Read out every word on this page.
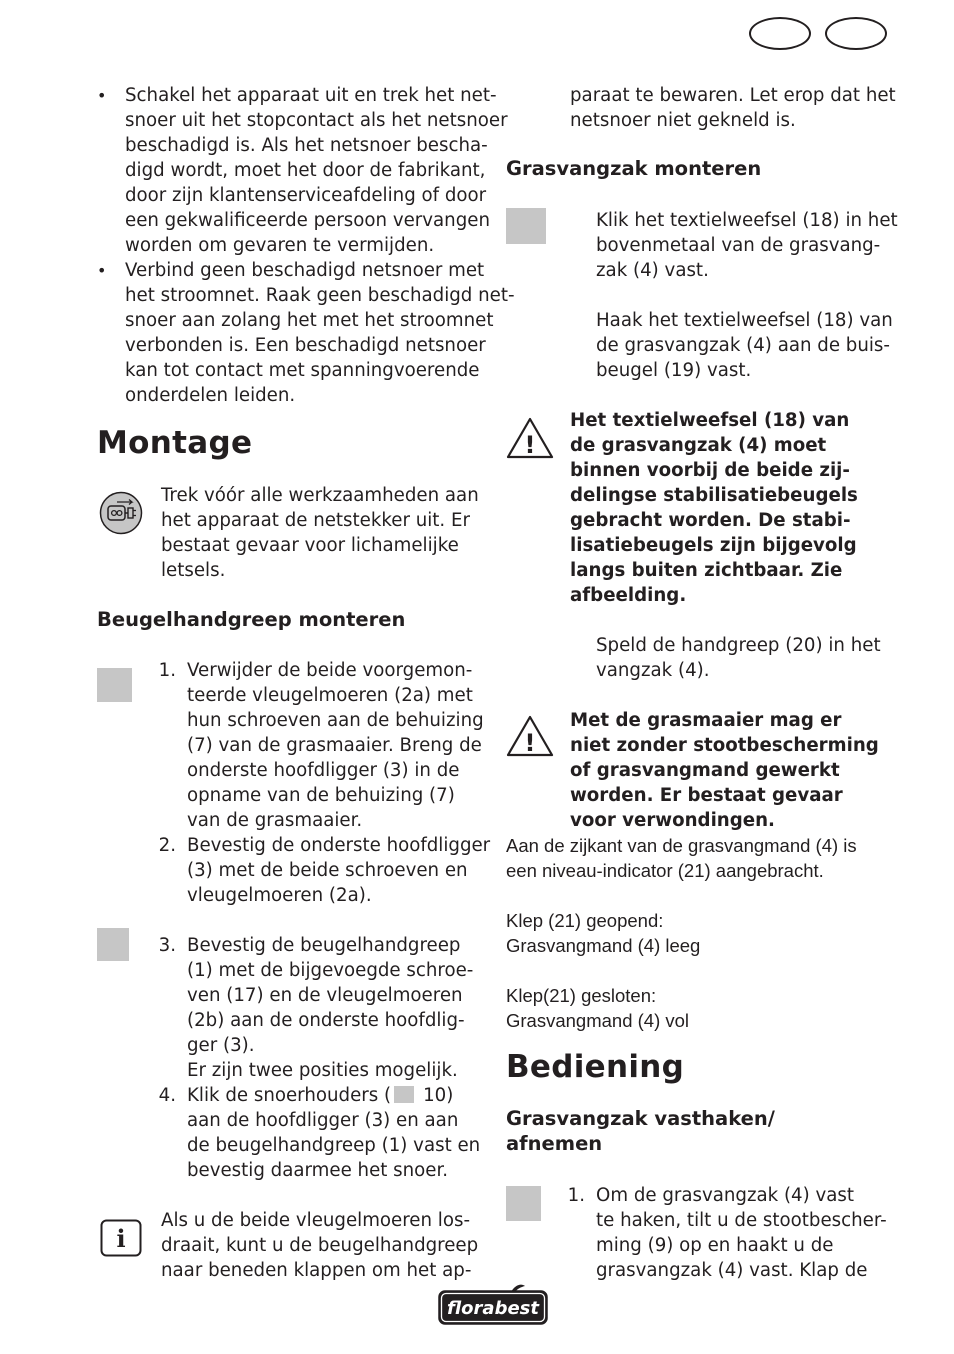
• Schakel het apparaat uit en trek het net-
snoer uit het stopcontact als het netsnoer
beschadigd is. Als het netsnoer bescha-
digd wordt, moet het door de fabrikant,
door zijn klantenserviceafdeling of door
een gekwalificeerde persoon vervangen
worden om gevaren te vermijden.
• Verbind geen beschadigd netsnoer met
het stroomnet. Raak geen beschadigd net-
snoer aan zolang het met het stroomnet
verbonden is. Een beschadigd netsnoer
kan tot contact met spanningvoerende
onderdelen leiden.
Montage
Trek vóór alle werkzaamheden aan
het apparaat de netstekker uit. Er
bestaat gevaar voor lichamelijke
letsels.
Beugelhandgreep monteren
1. Verwijder de beide voorgemon-
teerde vleugelmoeren (2a) met
hun schroeven aan de behuizing
(7) van de grasmaaier. Breng de
onderste hoofdligger (3) in de
opname van de behuizing (7)
van de grasmaaier.
2. Bevestig de onderste hoofdligger
(3) met de beide schroeven en
vleugelmoeren (2a).
3. Bevestig de beugelhandgreep
(1) met de bijgevoegde schroe-
ven (17) en de vleugelmoeren
(2b) aan de onderste hoofdlig-
ger (3).
Er zijn twee posities mogelijk.
4. Klik de snoerhouders ( 10)
aan de hoofdligger (3) en aan
de beugelhandgreep (1) vast en
bevestig daarmee het snoer.
i
Als u de beide vleugelmoeren los-
draait, kunt u de beugelhandgreep
naar beneden klappen om het ap-
paraat te bewaren. Let erop dat het
netsnoer niet gekneld is.
Grasvangzak monteren
Klik het textielweefsel (18) in het
bovenmetaal van de grasvang-
zak (4) vast.
Haak het textielweefsel (18) van
de grasvangzak (4) aan de buis-
beugel (19) vast.
!
Het textielweefsel (18) van
de grasvangzak (4) moet
binnen voorbij de beide zij-
delingse stabilisatiebeugels
gebracht worden. De stabi-
lisatiebeugels zijn bijgevolg
langs buiten zichtbaar. Zie
afbeelding.
Speld de handgreep (20) in het
vangzak (4).
!
Met de grasmaaier mag er
niet zonder stootbescherming
of grasvangmand gewerkt
worden. Er bestaat gevaar
voor verwondingen.
Aan de zijkant van de grasvangmand (4) is
een niveau-indicator (21) aangebracht.
Klep (21) geopend:
Grasvangmand (4) leeg
Klep(21) gesloten:
Grasvangmand (4) vol
Bediening
Grasvangzak vasthaken/
afnemen
1. Om de grasvangzak (4) vast
te haken, tilt u de stootbescher-
ming (9) op en haakt u de
grasvangzak (4) vast. Klap de
florabest
